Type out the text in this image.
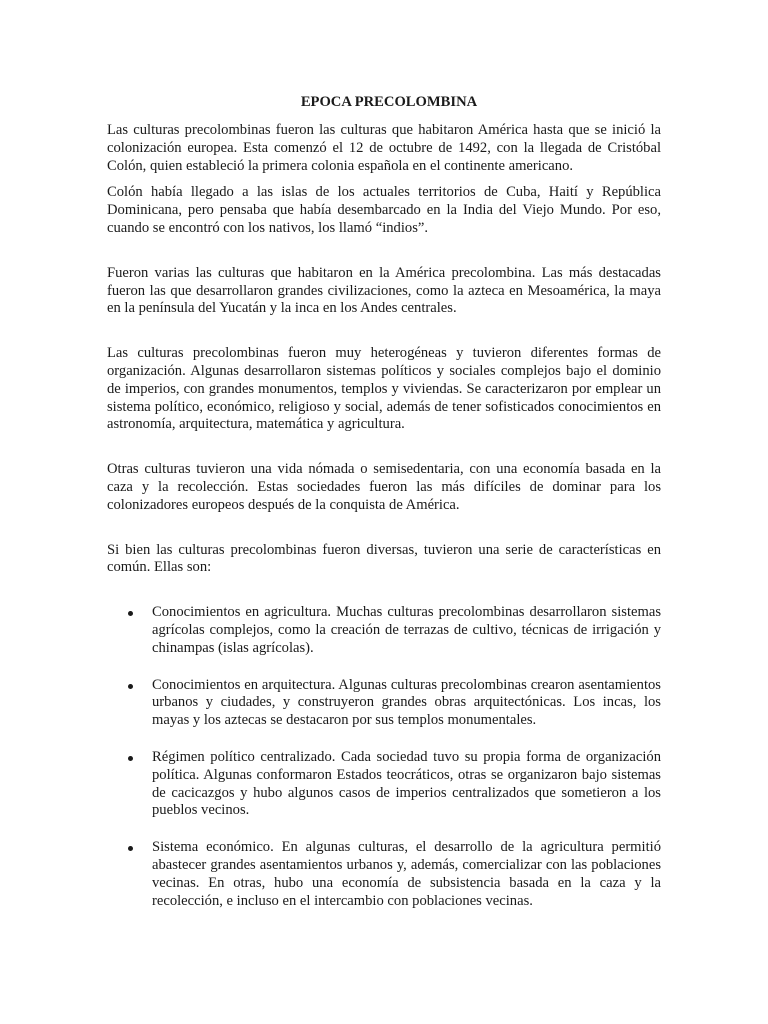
EPOCA PRECOLOMBINA

Las culturas precolombinas fueron las culturas que habitaron América hasta que se inició la colonización europea. Esta comenzó el 12 de octubre de 1492, con la llegada de Cristóbal Colón, quien estableció la primera colonia española en el continente americano.

Colón había llegado a las islas de los actuales territorios de Cuba, Haití y República Dominicana, pero pensaba que había desembarcado en la India del Viejo Mundo. Por eso, cuando se encontró con los nativos, los llamó “indios”.

Fueron varias las culturas que habitaron en la América precolombina. Las más destacadas fueron las que desarrollaron grandes civilizaciones, como la azteca en Mesoamérica, la maya en la península del Yucatán y la inca en los Andes centrales.

Las culturas precolombinas fueron muy heterogéneas y tuvieron diferentes formas de organización. Algunas desarrollaron sistemas políticos y sociales complejos bajo el dominio de imperios, con grandes monumentos, templos y viviendas. Se caracterizaron por emplear un sistema político, económico, religioso y social, además de tener sofisticados conocimientos en astronomía, arquitectura, matemática y agricultura.

Otras culturas tuvieron una vida nómada o semisedentaria, con una economía basada en la caza y la recolección. Estas sociedades fueron las más difíciles de dominar para los colonizadores europeos después de la conquista de América.

Si bien las culturas precolombinas fueron diversas, tuvieron una serie de características en común. Ellas son:

Conocimientos en agricultura. Muchas culturas precolombinas desarrollaron sistemas agrícolas complejos, como la creación de terrazas de cultivo, técnicas de irrigación y chinampas (islas agrícolas).
Conocimientos en arquitectura. Algunas culturas precolombinas crearon asentamientos urbanos y ciudades, y construyeron grandes obras arquitectónicas. Los incas, los mayas y los aztecas se destacaron por sus templos monumentales.
Régimen político centralizado. Cada sociedad tuvo su propia forma de organización política. Algunas conformaron Estados teocráticos, otras se organizaron bajo sistemas de cacicazgos y hubo algunos casos de imperios centralizados que sometieron a los pueblos vecinos.
Sistema económico. En algunas culturas, el desarrollo de la agricultura permitió abastecer grandes asentamientos urbanos y, además, comercializar con las poblaciones vecinas. En otras, hubo una economía de subsistencia basada en la caza y la recolección, e incluso en el intercambio con poblaciones vecinas.
